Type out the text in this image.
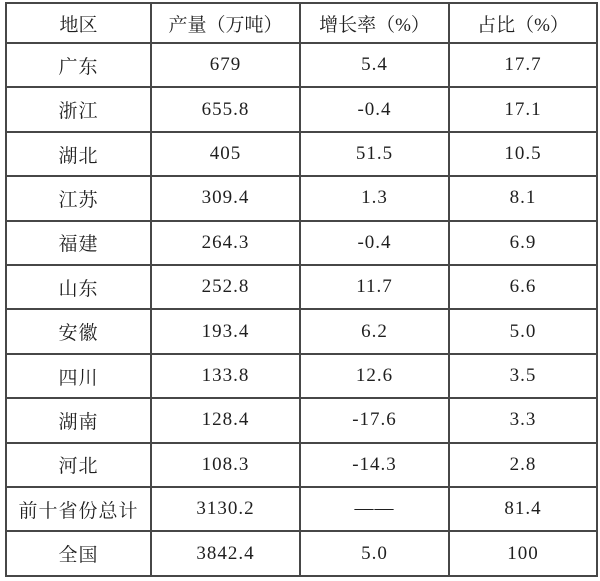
地区	产量（万吨）	增长率（%）	占比（%）
广东	679	5.4	17.7
浙江	655.8	-0.4	17.1
湖北	405	51.5	10.5
江苏	309.4	1.3	8.1
福建	264.3	-0.4	6.9
山东	252.8	11.7	6.6
安徽	193.4	6.2	5.0
四川	133.8	12.6	3.5
湖南	128.4	-17.6	3.3
河北	108.3	-14.3	2.8
前十省份总计	3130.2	——	81.4
全国	3842.4	5.0	100
